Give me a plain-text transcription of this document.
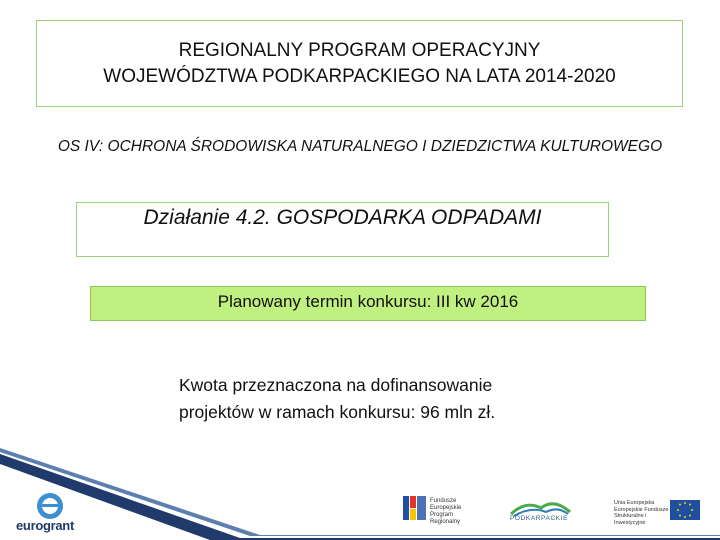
REGIONALNY PROGRAM OPERACYJNY
WOJEWÓDZTWA PODKARPACKIEGO NA LATA 2014-2020
OS IV: OCHRONA ŚRODOWISKA NATURALNEGO I DZIEDZICTWA KULTUROWEGO
Działanie 4.2. GOSPODARKA ODPADAMI
Planowany termin konkursu: III kw 2016
Kwota przeznaczona na dofinansowanie
projektów w ramach konkursu: 96 mln zł.
eurogrant
Fundusze Europejskie Program Regionalny	PODKARPACKIE
Unia Europejska Europejskie Fundusze Strukturalne i Inwestycyjne
